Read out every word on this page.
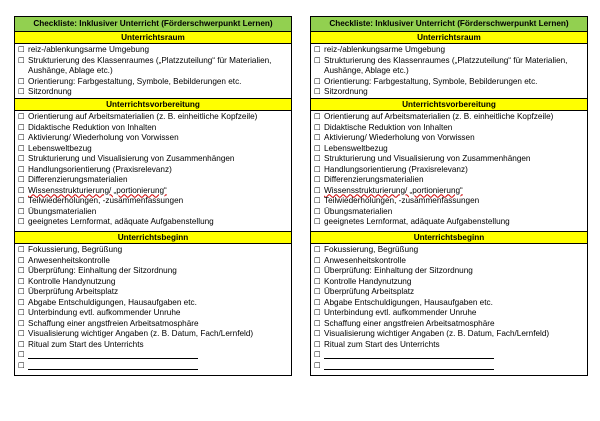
Checkliste: Inklusiver Unterricht (Förderschwerpunkt Lernen)
Unterrichtsraum
☐ reiz-/ablenkungsarme Umgebung
☐ Strukturierung des Klassenraumes („Platzzuteilung“ für Materialien, Aushänge, Ablage etc.)
☐ Orientierung: Farbgestaltung, Symbole, Bebilderungen etc.
☐ Sitzordnung
Unterrichtsvorbereitung
☐ Orientierung auf Arbeitsmaterialien (z. B. einheitliche Kopfzeile)
☐ Didaktische Reduktion von Inhalten
☐ Aktivierung/ Wiederholung von Vorwissen
☐ Lebensweltbezug
☐ Strukturierung und Visualisierung von Zusammenhängen
☐ Handlungsorientierung (Praxisrelevanz)
☐ Differenzierungsmaterialien
☐ Wissensstrukturierung/ „portionierung“
☐ Teilwiederholungen, -zusammenfassungen
☐ Übungsmaterialien
☐ geeignetes Lernformat, adäquate Aufgabenstellung
Unterrichtsbeginn
☐ Fokussierung, Begrüßung
☐ Anwesenheitskontrolle
☐ Überprüfung: Einhaltung der Sitzordnung
☐ Kontrolle Handynutzung
☐ Überprüfung Arbeitsplatz
☐ Abgabe Entschuldigungen, Hausaufgaben etc.
☐ Unterbindung evtl. aufkommender Unruhe
☐ Schaffung einer angstfreien Arbeitsatmosphäre
☐ Visualisierung wichtiger Angaben (z. B. Datum, Fach/Lernfeld)
☐ Ritual zum Start des Unterrichts
☐
☐
Checkliste: Inklusiver Unterricht (Förderschwerpunkt Lernen)
Unterrichtsraum
☐ reiz-/ablenkungsarme Umgebung
☐ Strukturierung des Klassenraumes („Platzzuteilung“ für Materialien, Aushänge, Ablage etc.)
☐ Orientierung: Farbgestaltung, Symbole, Bebilderungen etc.
☐ Sitzordnung
Unterrichtsvorbereitung
☐ Orientierung auf Arbeitsmaterialien (z. B. einheitliche Kopfzeile)
☐ Didaktische Reduktion von Inhalten
☐ Aktivierung/ Wiederholung von Vorwissen
☐ Lebensweltbezug
☐ Strukturierung und Visualisierung von Zusammenhängen
☐ Handlungsorientierung (Praxisrelevanz)
☐ Differenzierungsmaterialien
☐ Wissensstrukturierung/ „portionierung“
☐ Teilwiederholungen, -zusammenfassungen
☐ Übungsmaterialien
☐ geeignetes Lernformat, adäquate Aufgabenstellung
Unterrichtsbeginn
☐ Fokussierung, Begrüßung
☐ Anwesenheitskontrolle
☐ Überprüfung: Einhaltung der Sitzordnung
☐ Kontrolle Handynutzung
☐ Überprüfung Arbeitsplatz
☐ Abgabe Entschuldigungen, Hausaufgaben etc.
☐ Unterbindung evtl. aufkommender Unruhe
☐ Schaffung einer angstfreien Arbeitsatmosphäre
☐ Visualisierung wichtiger Angaben (z. B. Datum, Fach/Lernfeld)
☐ Ritual zum Start des Unterrichts
☐
☐
